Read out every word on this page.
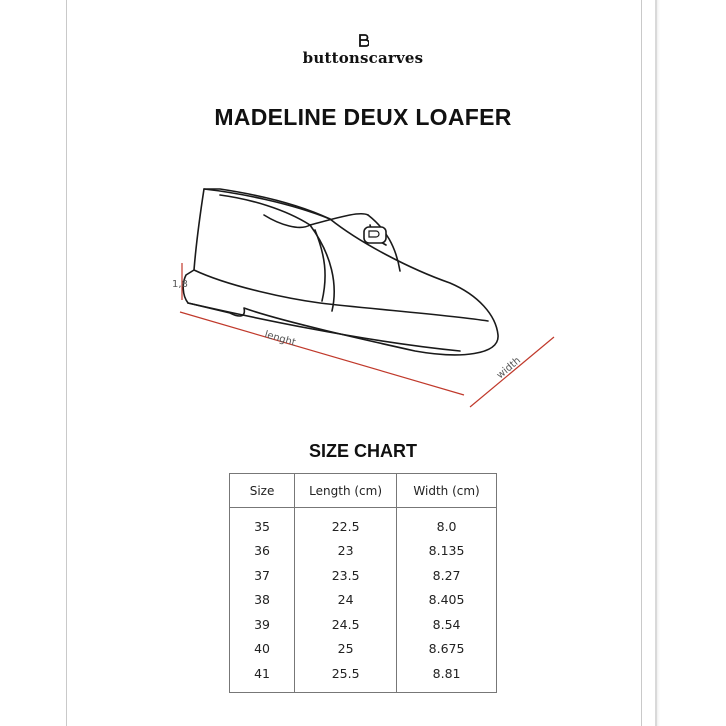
buttonscarves
MADELINE DEUX LOAFER
1,8
lenght
width
SIZE CHART
Size	Length (cm)	Width (cm)
35	22.5	8.0
36	23	8.135
37	23.5	8.27
38	24	8.405
39	24.5	8.54
40	25	8.675
41	25.5	8.81
